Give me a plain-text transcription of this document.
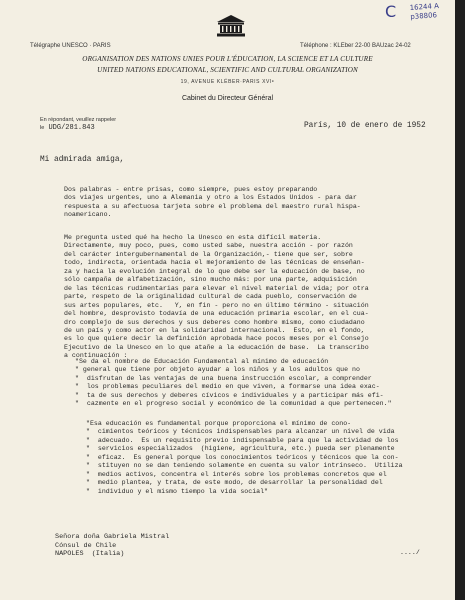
C 16244 A
p38806
Télégraphe UNESCO · PARIS	Téléphone : KLEber 22-00 BAUzac 24-02
ORGANISATION DES NATIONS UNIES POUR L'ÉDUCATION, LA SCIENCE ET LA CULTURE
UNITED NATIONS EDUCATIONAL, SCIENTIFIC AND CULTURAL ORGANIZATION
19, AVENUE KLÉBER·PARIS XVIᵉ
Cabinet du Directeur Général
En répondant, veuillez rappeler
le UDG/281.843	París, 10 de enero de 1952
Mi admirada amiga,
Dos palabras - entre prisas, como siempre, pues estoy preparando
dos viajes urgentes, uno a Alemania y otro a los Estados Unidos - para dar
respuesta a su afectuosa tarjeta sobre el problema del maestro rural hispa-
noamericano.
Me pregunta usted qué ha hecho la Unesco en esta difícil materia.
Directamente, muy poco, pues, como usted sabe, nuestra acción - por razón
del carácter intergubernamental de la Organización,- tiene que ser, sobre
todo, indirecta, orientada hacia el mejoramiento de las técnicas de enseñan-
za y hacia la evolución integral de lo que debe ser la educación de base, no
sólo campaña de alfabetización, sino mucho más: por una parte, adquisición
de las técnicas rudimentarias para elevar el nivel material de vida; por otra
parte, respeto de la originalidad cultural de cada pueblo, conservación de
sus artes populares, etc.   Y, en fin - pero no en último término - situación
del hombre, desprovisto todavía de una educación primaria escolar, en el cua-
dro complejo de sus derechos y sus deberes como hombre mismo, como ciudadano
de un país y como actor en la solidaridad internacional.  Esto, en el fondo,
es lo que quiere decir la definición aprobada hace pocos meses por el Consejo
Ejecutivo de la Unesco en lo que atañe a la educación de base.  La transcribo
a continuación :
"Se da el nombre de Educación Fundamental al mínimo de educación
" general que tiene por objeto ayudar a los niños y a los adultos que no
"  disfrutan de las ventajas de una buena instrucción escolar, a comprender
"  los problemas peculiares del medio en que viven, a formarse una idea exac-
"  ta de sus derechos y deberes cívicos e individuales y a participar más efi-
"  cazmente en el progreso social y económico de la comunidad a que pertenecen."
"Esa educación es fundamental porque proporciona el mínimo de cono-
"  cimientos teóricos y técnicos indispensables para alcanzar un nivel de vida
"  adecuado.  Es un requisito previo indispensable para que la actividad de los
"  servicios especializados  (higiene, agricultura, etc.) pueda ser plenamente
"  eficaz.  Es general porque los conocimientos teóricos y técnicos que la con-
"  stituyen no se dan teniendo solamente en cuenta su valor intrínseco.  Utiliza
"  medios activos, concentra el interés sobre los problemas concretos que el
"  medio plantea, y trata, de este modo, de desarrollar la personalidad del
"  individuo y el mismo tiempo la vida social"
Señora doña Gabriela Mistral
Cónsul de Chile
NAPOLES  (Italia)	..../
